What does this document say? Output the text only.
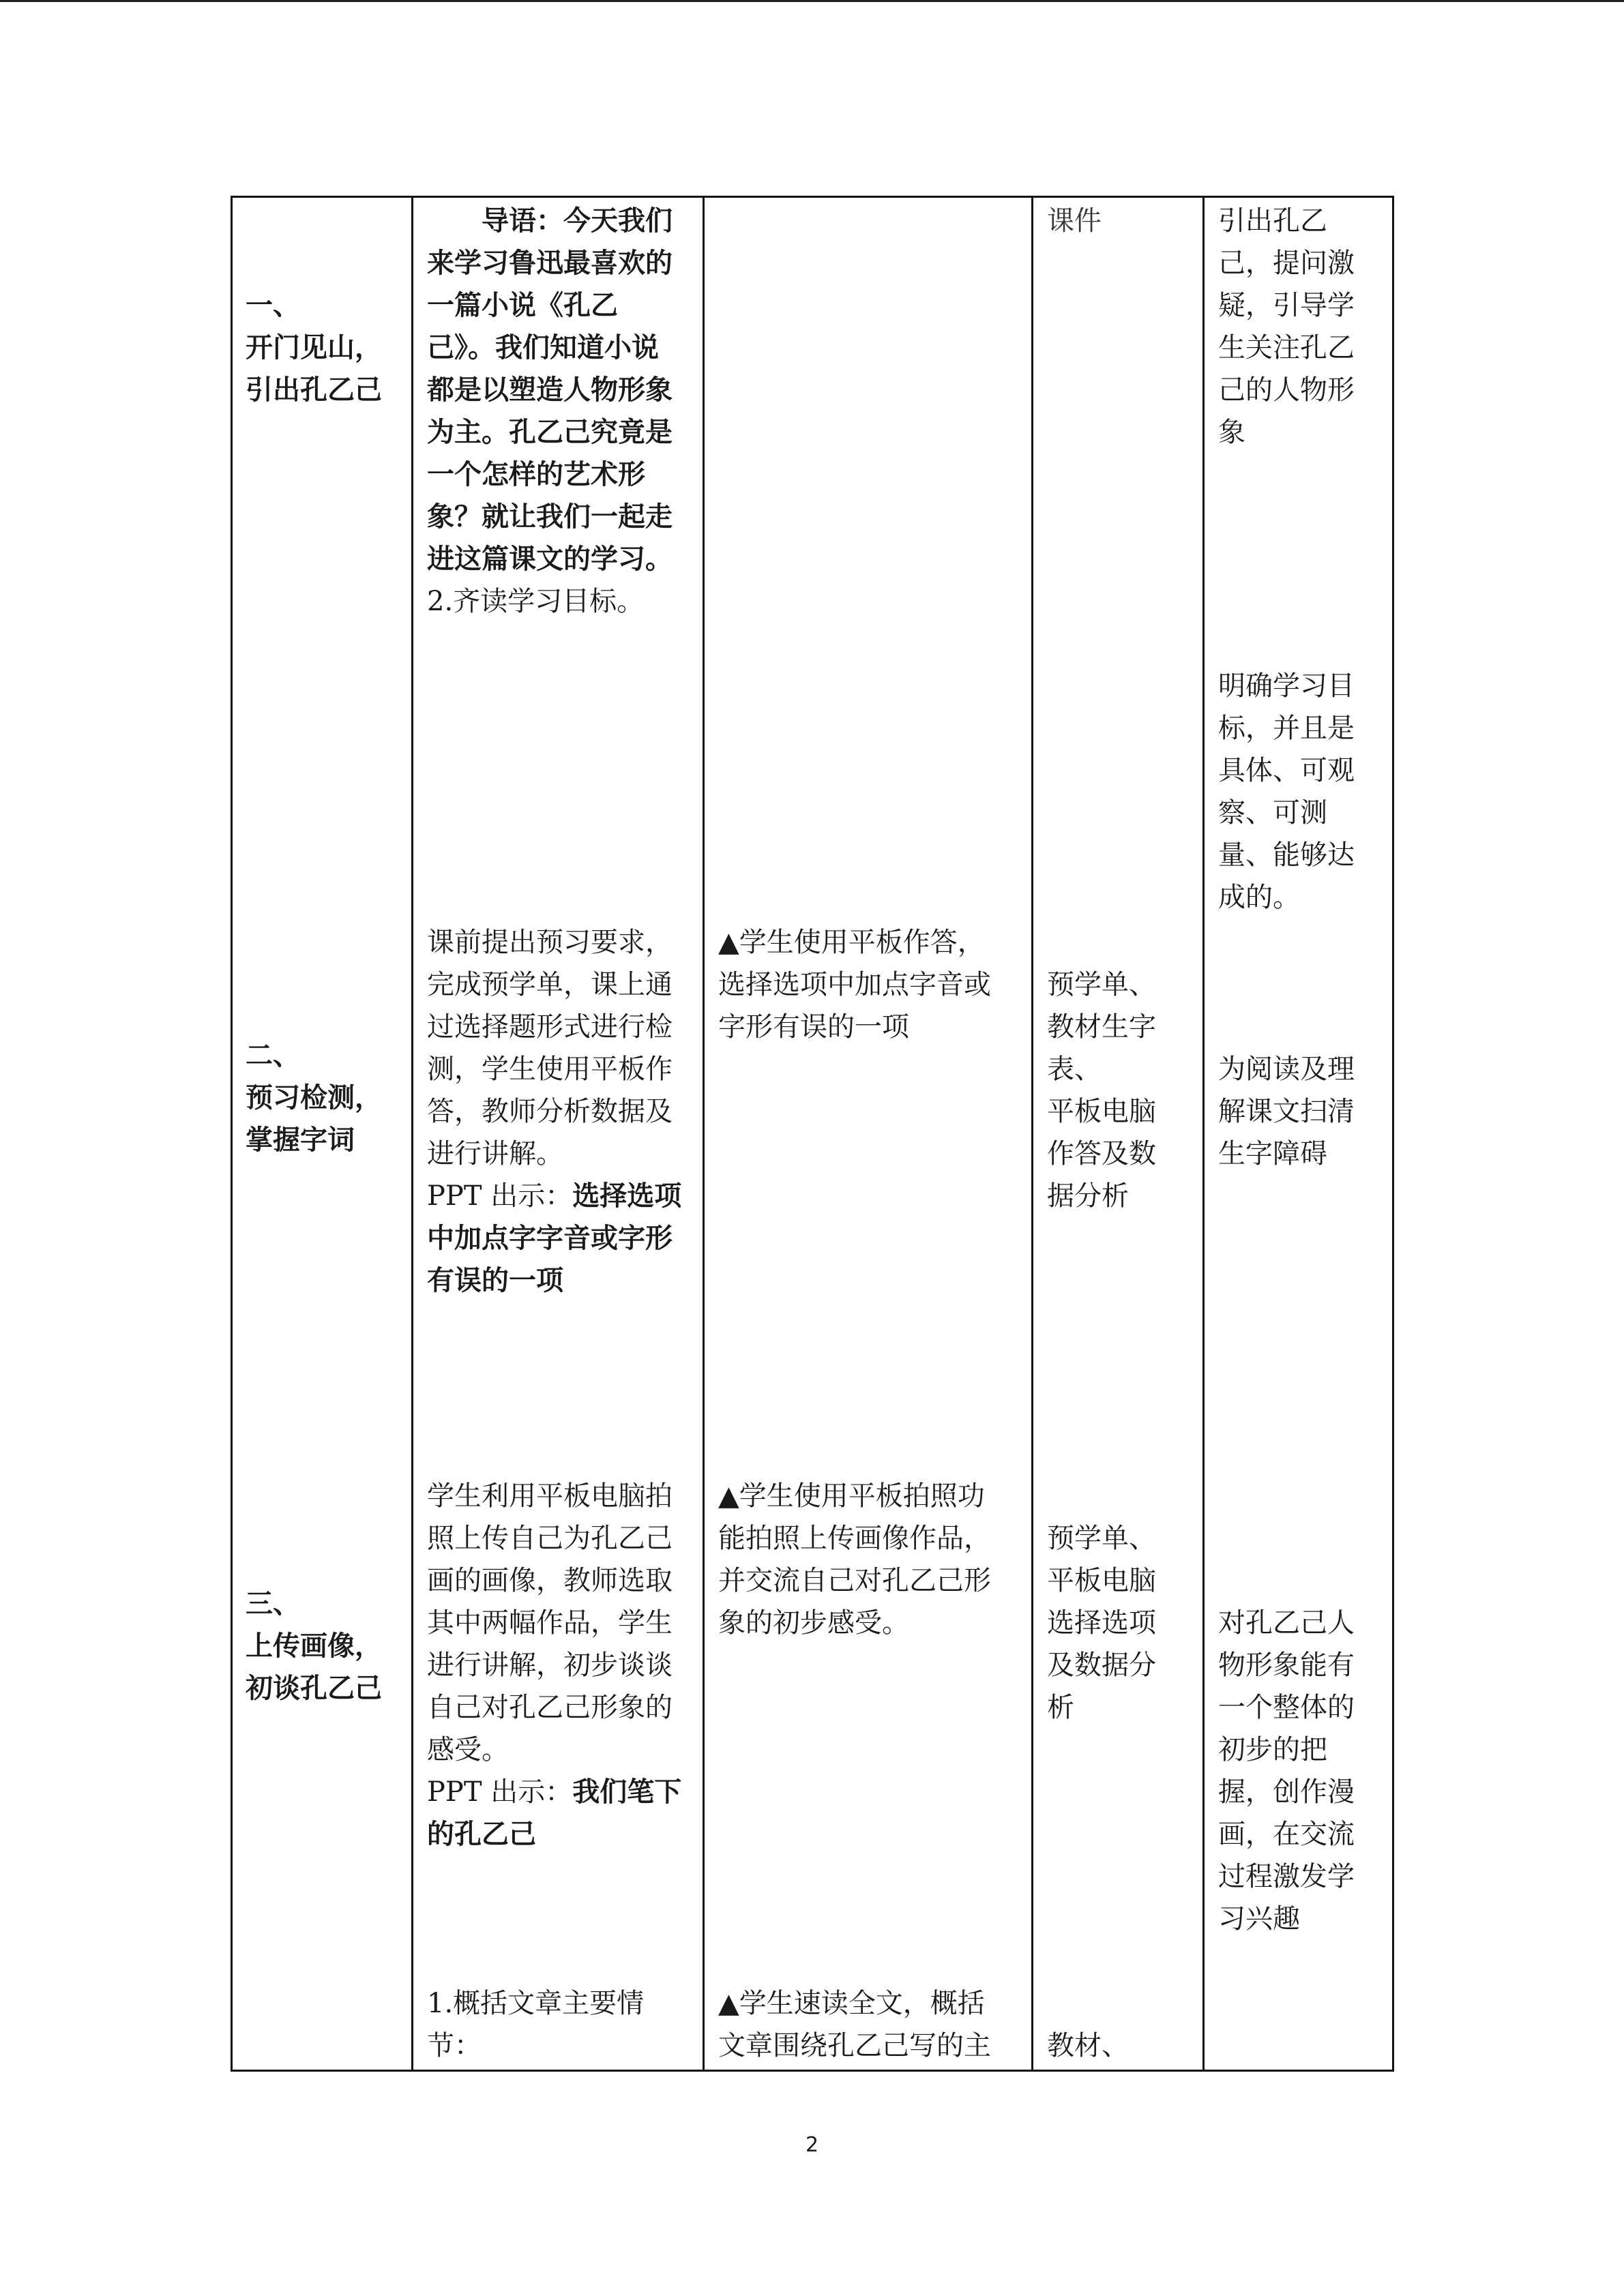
一、
开门见山，
引出孔乙己
导语：今天我们
来学习鲁迅最喜欢的
一篇小说《孔乙
己》。我们知道小说
都是以塑造人物形象
为主。孔乙己究竟是
一个怎样的艺术形
象？就让我们一起走
进这篇课文的学习。
2.齐读学习目标。
课件	引出孔乙
己，提问激
疑，引导学
生关注孔乙
己的人物形
象
明确学习目
标，并且是
具体、可观
察、可测
量、能够达
成的。
二、
预习检测，
掌握字词
课前提出预习要求，
完成预学单，课上通
过选择题形式进行检
测，学生使用平板作
答，教师分析数据及
进行讲解。
PPT 出示：选择选项
中加点字字音或字形
有误的一项
▲学生使用平板作答，
选择选项中加点字音或
字形有误的一项
预学单、
教材生字
表、
平板电脑
作答及数
据分析
为阅读及理
解课文扫清
生字障碍
三、
上传画像，
初谈孔乙己
学生利用平板电脑拍
照上传自己为孔乙己
画的画像，教师选取
其中两幅作品，学生
进行讲解，初步谈谈
自己对孔乙己形象的
感受。
PPT 出示：我们笔下
的孔乙己
▲学生使用平板拍照功
能拍照上传画像作品，
并交流自己对孔乙己形
象的初步感受。
预学单、
平板电脑
选择选项
及数据分
析
对孔乙己人
物形象能有
一个整体的
初步的把
握，创作漫
画，在交流
过程激发学
习兴趣
1.概括文章主要情
节：
▲学生速读全文，概括
文章围绕孔乙己写的主 教材、
2
